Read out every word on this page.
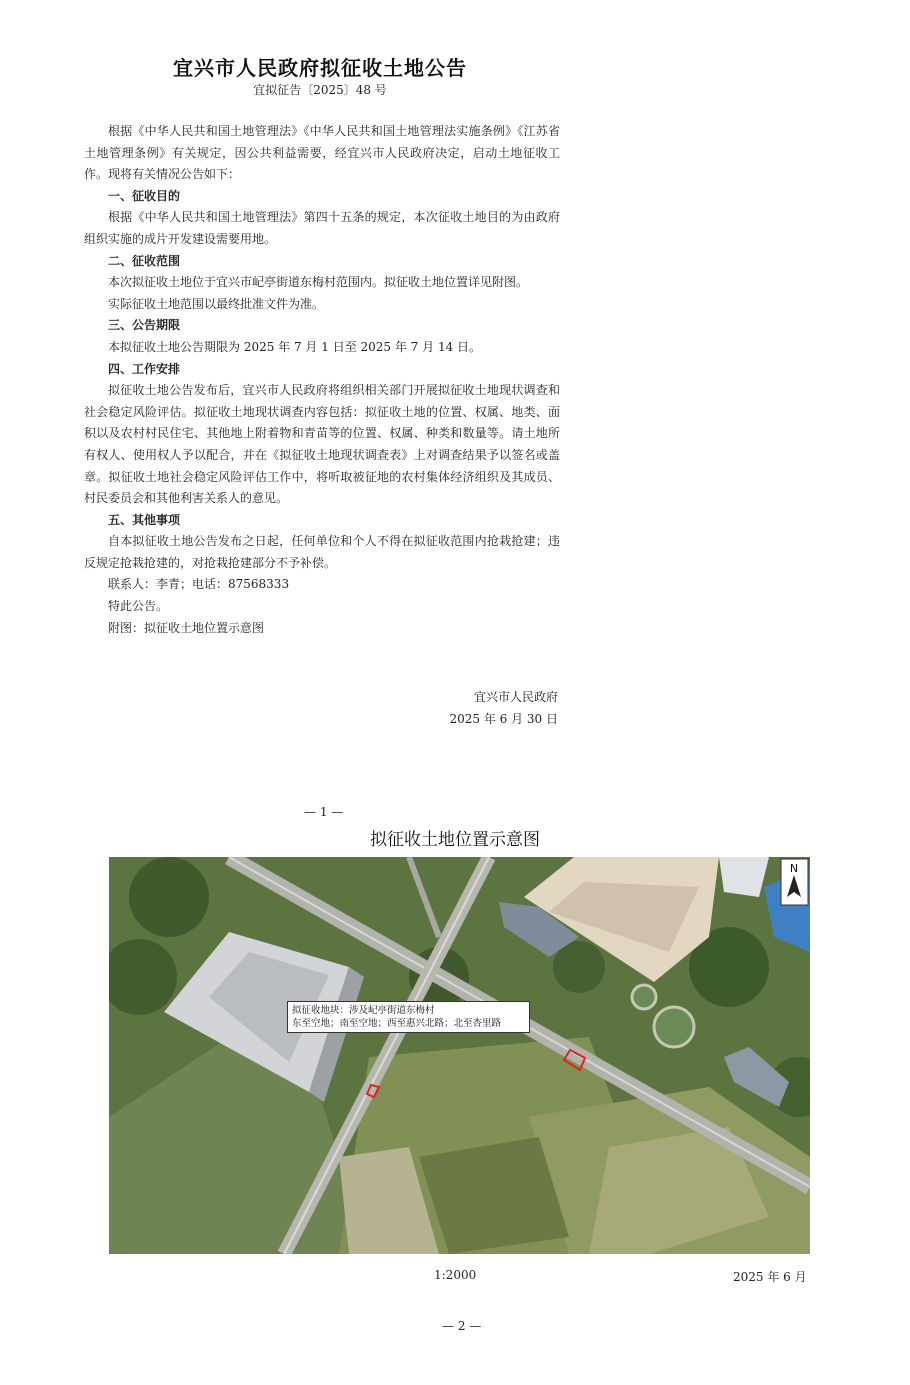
宜兴市人民政府拟征收土地公告
宜拟征告〔2025〕48 号

根据《中华人民共和国土地管理法》《中华人民共和国土地管理法实施条例》《江苏省土地管理条例》有关规定，因公共利益需要，经宜兴市人民政府决定，启动土地征收工作。现将有关情况公告如下：

一、征收目的

根据《中华人民共和国土地管理法》第四十五条的规定，本次征收土地目的为由政府组织实施的成片开发建设需要用地。

二、征收范围

本次拟征收土地位于宜兴市屺亭街道东梅村范围内。拟征收土地位置详见附图。

实际征收土地范围以最终批准文件为准。

三、公告期限

本拟征收土地公告期限为 2025 年 7 月 1 日至 2025 年 7 月 14 日。

四、工作安排

拟征收土地公告发布后，宜兴市人民政府将组织相关部门开展拟征收土地现状调查和社会稳定风险评估。拟征收土地现状调查内容包括：拟征收土地的位置、权属、地类、面积以及农村村民住宅、其他地上附着物和青苗等的位置、权属、种类和数量等。请土地所有权人、使用权人予以配合，并在《拟征收土地现状调查表》上对调查结果予以签名或盖章。拟征收土地社会稳定风险评估工作中，将听取被征地的农村集体经济组织及其成员、村民委员会和其他利害关系人的意见。

五、其他事项

自本拟征收土地公告发布之日起，任何单位和个人不得在拟征收范围内抢栽抢建；违反规定抢栽抢建的，对抢栽抢建部分不予补偿。

联系人：李青；电话：87568333

特此公告。

附图：拟征收土地位置示意图

宜兴市人民政府
2025 年 6 月 30 日
— 1 —
拟征收土地位置示意图
N
拟征收地块：涉及屺亭街道东梅村
东至空地；南至空地；西至惠兴北路；北至杏里路
1:2000	2025 年 6 月
— 2 —
